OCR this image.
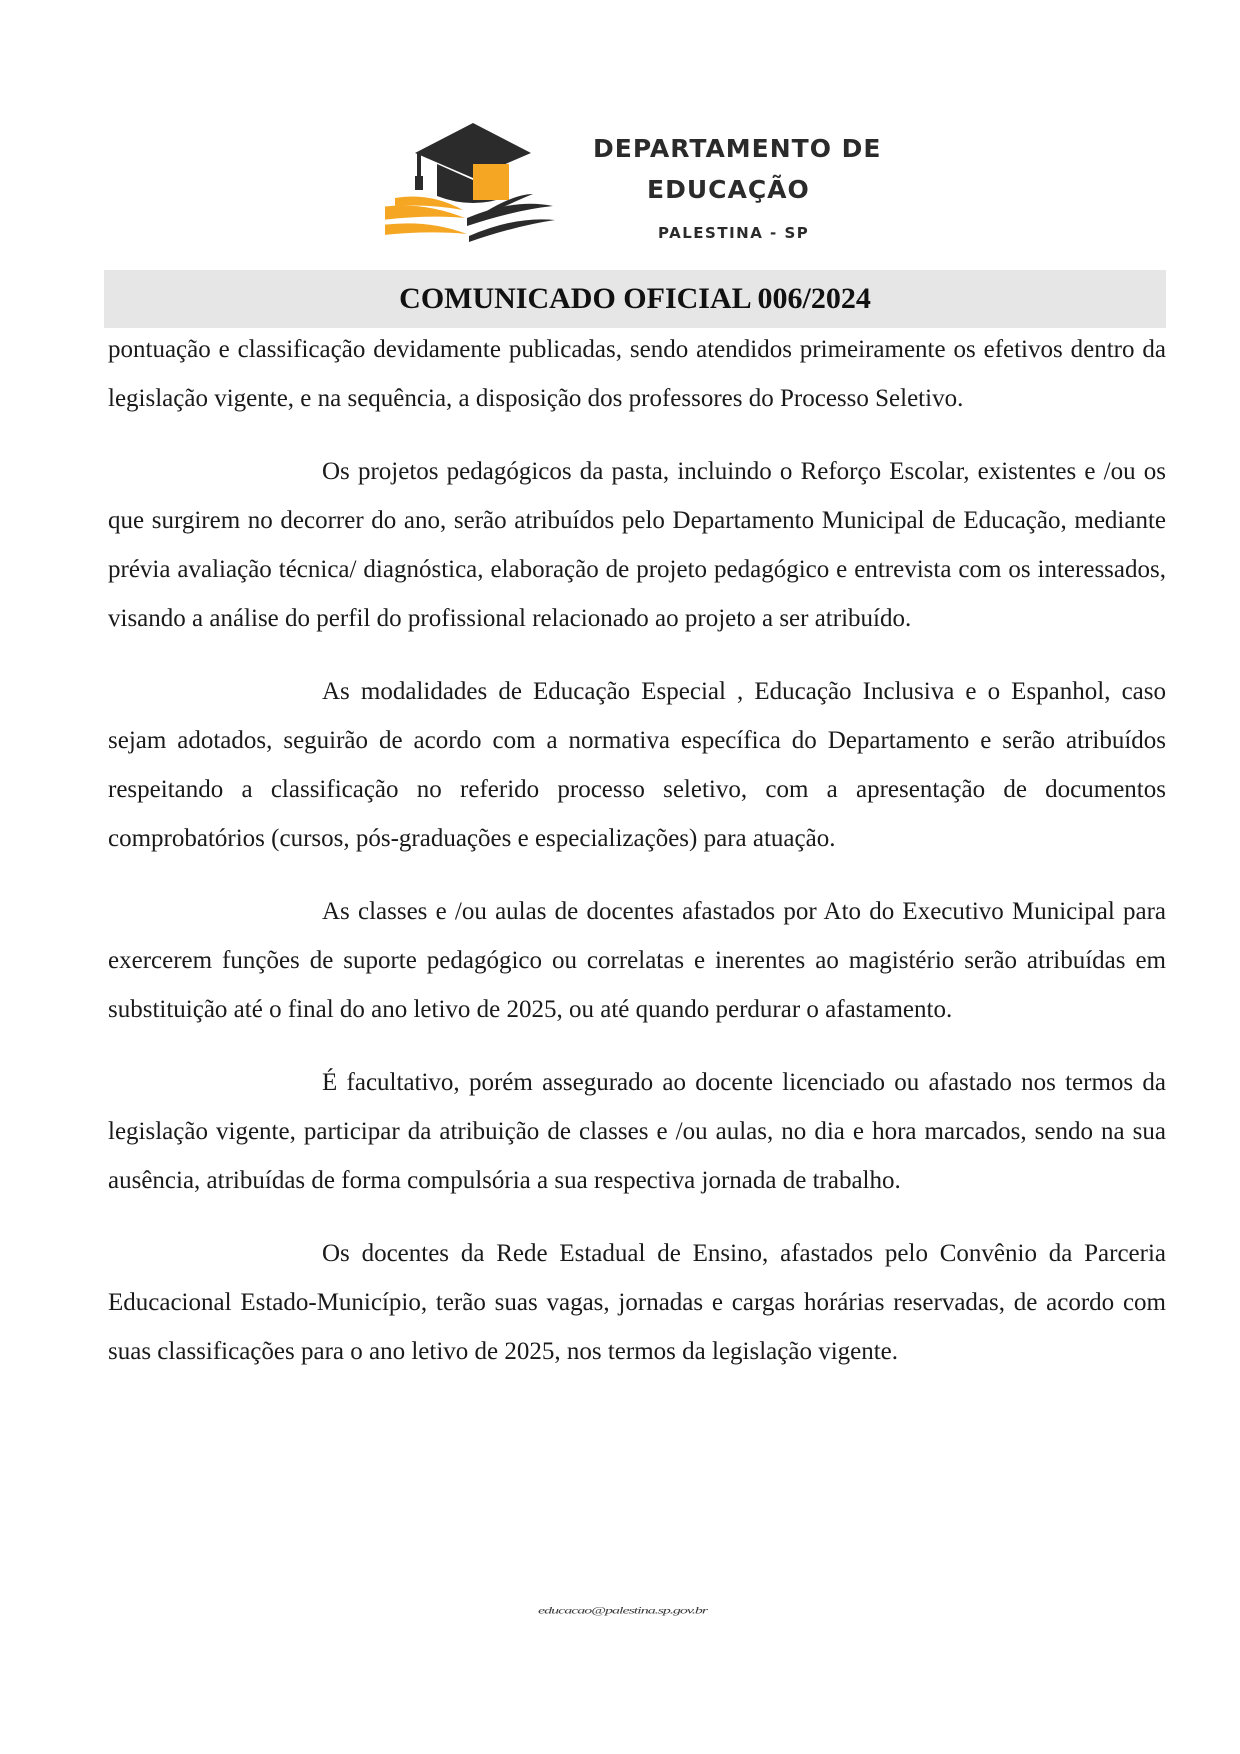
DEPARTAMENTO DE
EDUCAÇÃO
PALESTINA - SP
COMUNICADO OFICIAL 006/2024

pontuação e classificação devidamente publicadas, sendo atendidos primeiramente os efetivos dentro da legislação vigente, e na sequência, a disposição dos professores do Processo Seletivo.

Os projetos pedagógicos da pasta, incluindo o Reforço Escolar, existentes e /ou os que surgirem no decorrer do ano, serão atribuídos pelo Departamento Municipal de Educação, mediante prévia avaliação técnica/ diagnóstica, elaboração de projeto pedagógico e entrevista com os interessados, visando a análise do perfil do profissional relacionado ao projeto a ser atribuído.

As modalidades de Educação Especial , Educação Inclusiva e o Espanhol, caso sejam adotados, seguirão de acordo com a normativa específica do Departamento e serão atribuídos respeitando a classificação no referido processo seletivo, com a apresentação de documentos comprobatórios (cursos, pós-graduações e especializações) para atuação.

As classes e /ou aulas de docentes afastados por Ato do Executivo Municipal para exercerem funções de suporte pedagógico ou correlatas e inerentes ao magistério serão atribuídas em substituição até o final do ano letivo de 2025, ou até quando perdurar o afastamento.

É facultativo, porém assegurado ao docente licenciado ou afastado nos termos da legislação vigente, participar da atribuição de classes e /ou aulas, no dia e hora marcados, sendo na sua ausência, atribuídas de forma compulsória a sua respectiva jornada de trabalho.

Os docentes da Rede Estadual de Ensino, afastados pelo Convênio da Parceria Educacional Estado-Município, terão suas vagas, jornadas e cargas horárias reservadas, de acordo com suas classificações para o ano letivo de 2025, nos termos da legislação vigente.

educacao@palestina.sp.gov.br
